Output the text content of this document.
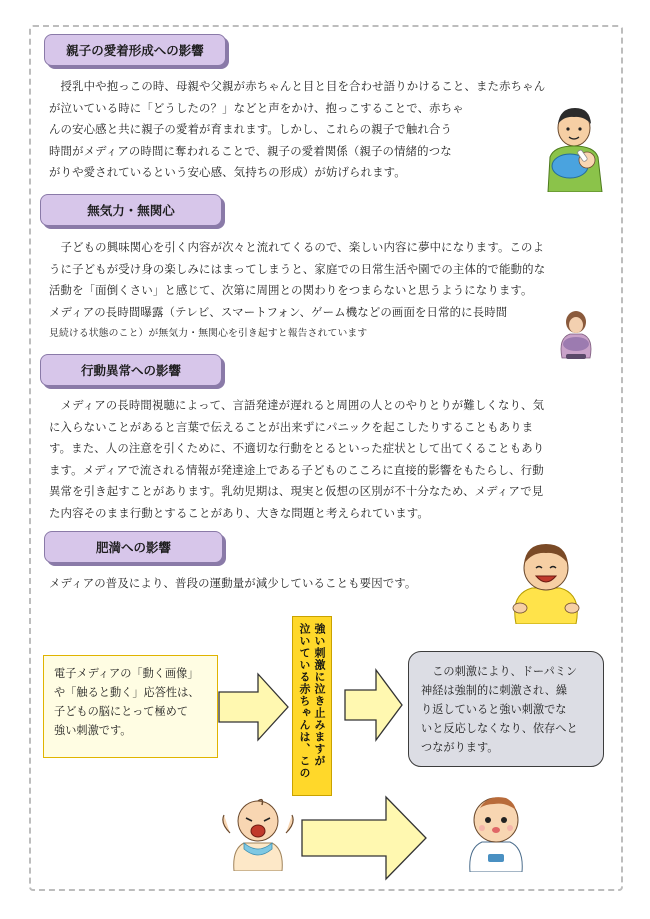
親子の愛着形成への影響

　授乳中や抱っこの時、母親や父親が赤ちゃんと目と目を合わせ語りかけること、また赤ちゃん

が泣いている時に「どうしたの？」などと声をかけ、抱っこすることで、赤ちゃ

んの安心感と共に親子の愛着が育まれます。しかし、これらの親子で触れ合う

時間がメディアの時間に奪われることで、親子の愛着関係（親子の情緒的つな

がりや愛されているという安心感、気持ちの形成）が妨げられます。

無気力・無関心

　子どもの興味関心を引く内容が次々と流れてくるので、楽しい内容に夢中になります。このよ

うに子どもが受け身の楽しみにはまってしまうと、家庭での日常生活や園での主体的で能動的な

活動を「面倒くさい」と感じて、次第に周囲との関わりをつまらないと思うようになります。

メディアの長時間曝露（テレビ、スマートフォン、ゲーム機などの画面を日常的に長時間

見続ける状態のこと）が無気力・無関心を引き起すと報告されています

行動異常への影響

　メディアの長時間視聴によって、言語発達が遅れると周囲の人とのやりとりが難しくなり、気

に入らないことがあると言葉で伝えることが出来ずにパニックを起こしたりすることもありま

す。また、人の注意を引くために、不適切な行動をとるといった症状として出てくることもあり

ます。メディアで流される情報が発達途上である子どものこころに直接的影響をもたらし、行動

異常を引き起すことがあります。乳幼児期は、現実と仮想の区別が不十分なため、メディアで見

た内容そのまま行動とすることがあり、大きな問題と考えられています。

肥満への影響

メディアの普及により、普段の運動量が減少していることも要因です。

電子メディアの「動く画像」
や「触ると動く」応答性は、
子どもの脳にとって極めて
強い刺激です。	泣いている赤ちゃんは、この 強い刺激に泣き止みますが	　この刺激により、ドーパミン
神経は強制的に刺激され、繰
り返していると強い刺激でな
いと反応しなくなり、依存へと
つながります。
